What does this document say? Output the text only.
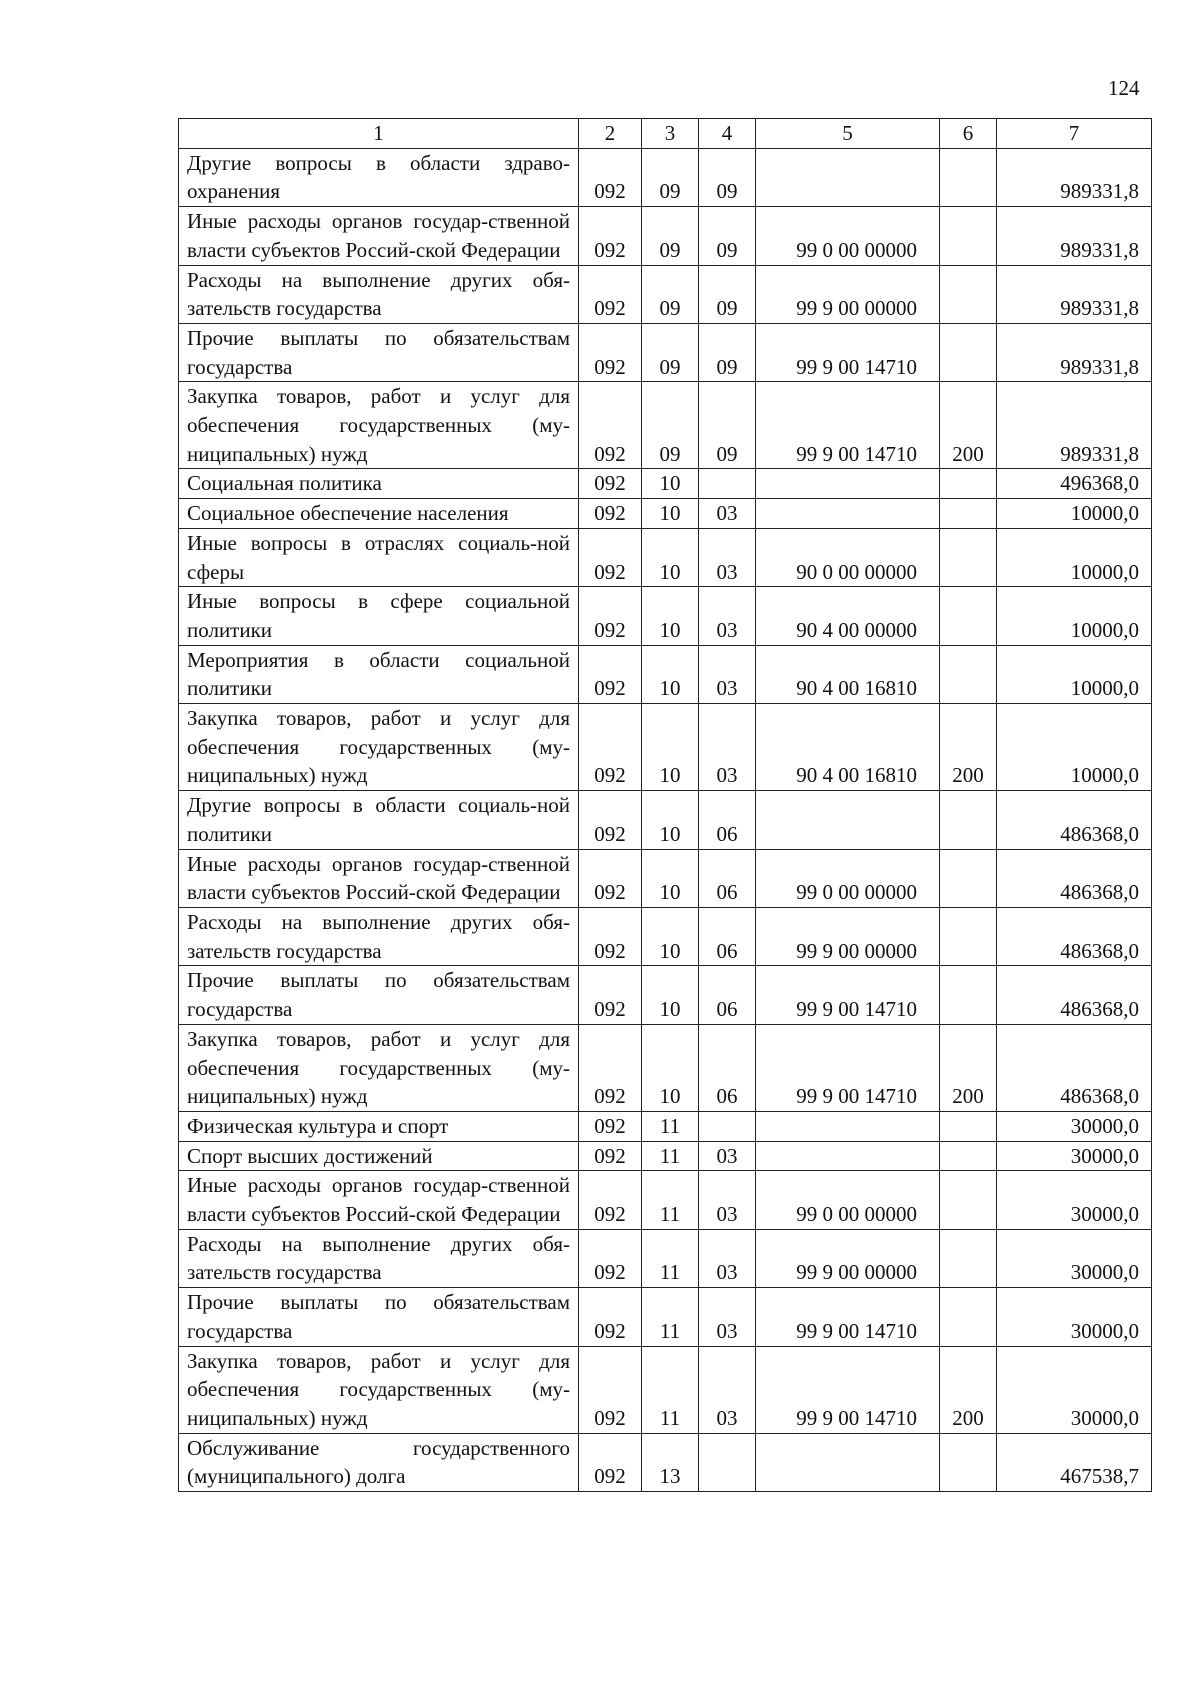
124
1	2	3	4	5	6	7
Другие вопросы в области здраво-охранения	092	09	09			989331,8
Иные расходы органов государ-ственной власти субъектов Россий-ской Федерации	092	09	09	99 0 00 00000		989331,8
Расходы на выполнение других обя-зательств государства	092	09	09	99 9 00 00000		989331,8
Прочие выплаты по обязательствам государства	092	09	09	99 9 00 14710		989331,8
Закупка товаров, работ и услуг для обеспечения государственных (му-ниципальных) нужд	092	09	09	99 9 00 14710	200	989331,8
Социальная политика	092	10				496368,0
Социальное обеспечение населения	092	10	03			10000,0
Иные вопросы в отраслях социаль-ной сферы	092	10	03	90 0 00 00000		10000,0
Иные вопросы в сфере социальной политики	092	10	03	90 4 00 00000		10000,0
Мероприятия в области социальной политики	092	10	03	90 4 00 16810		10000,0
Закупка товаров, работ и услуг для обеспечения государственных (му-ниципальных) нужд	092	10	03	90 4 00 16810	200	10000,0
Другие вопросы в области социаль-ной политики	092	10	06			486368,0
Иные расходы органов государ-ственной власти субъектов Россий-ской Федерации	092	10	06	99 0 00 00000		486368,0
Расходы на выполнение других обя-зательств государства	092	10	06	99 9 00 00000		486368,0
Прочие выплаты по обязательствам государства	092	10	06	99 9 00 14710		486368,0
Закупка товаров, работ и услуг для обеспечения государственных (му-ниципальных) нужд	092	10	06	99 9 00 14710	200	486368,0
Физическая культура и спорт	092	11				30000,0
Спорт высших достижений	092	11	03			30000,0
Иные расходы органов государ-ственной власти субъектов Россий-ской Федерации	092	11	03	99 0 00 00000		30000,0
Расходы на выполнение других обя-зательств государства	092	11	03	99 9 00 00000		30000,0
Прочие выплаты по обязательствам государства	092	11	03	99 9 00 14710		30000,0
Закупка товаров, работ и услуг для обеспечения государственных (му-ниципальных) нужд	092	11	03	99 9 00 14710	200	30000,0
Обслуживание государственного (муниципального) долга	092	13				467538,7
